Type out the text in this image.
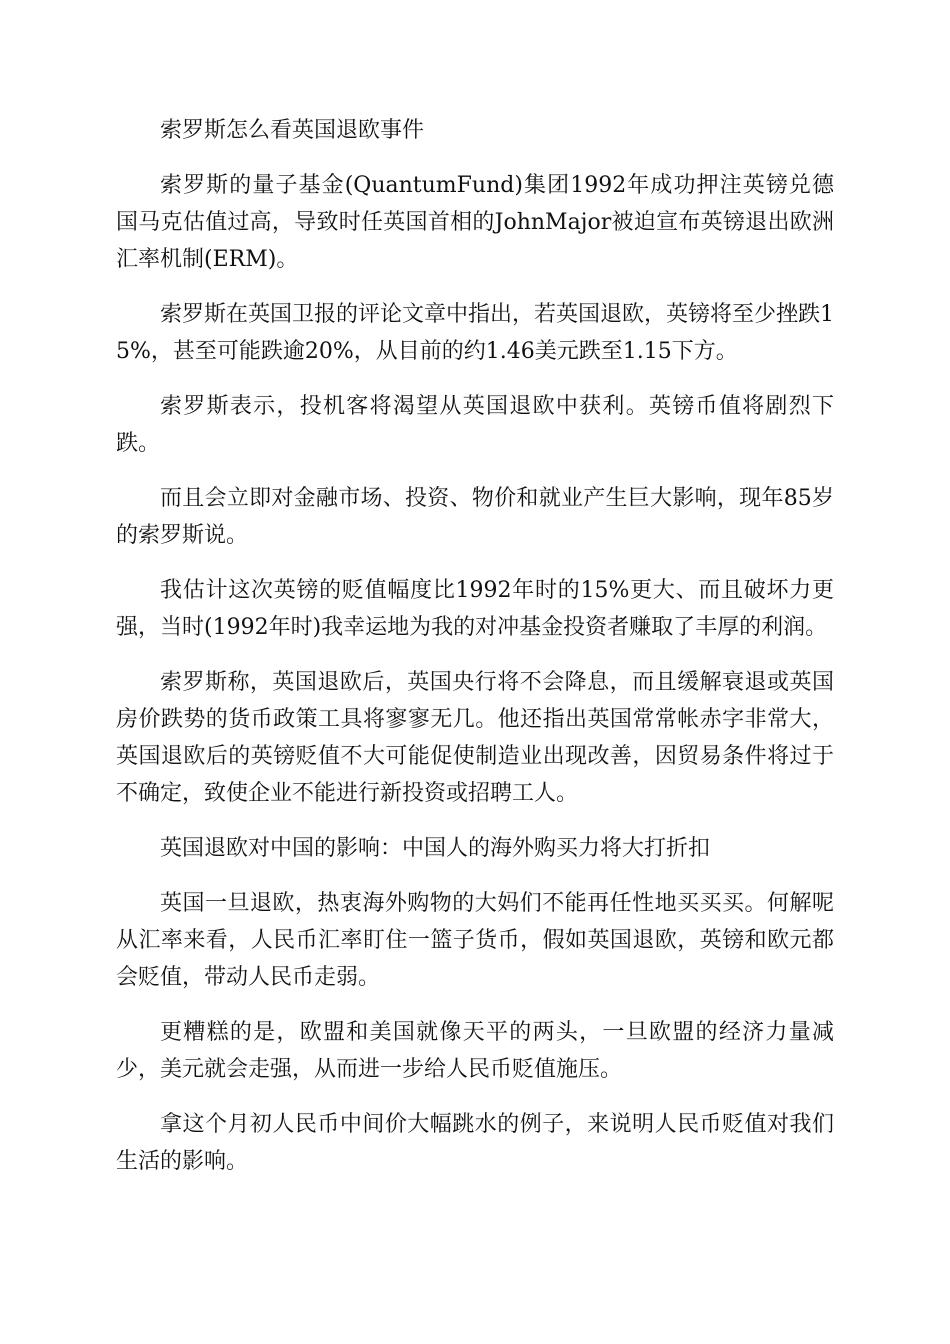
索罗斯怎么看英国退欧事件

索罗斯的量子基金(QuantumFund)集团1992年成功押注英镑兑德国马克估值过高，导致时任英国首相的JohnMajor被迫宣布英镑退出欧洲汇率机制(ERM)。

索罗斯在英国卫报的评论文章中指出，若英国退欧，英镑将至少挫跌15%，甚至可能跌逾20%，从目前的约1.46美元跌至1.15下方。

索罗斯表示，投机客将渴望从英国退欧中获利。英镑币值将剧烈下跌。

而且会立即对金融市场、投资、物价和就业产生巨大影响，现年85岁的索罗斯说。

我估计这次英镑的贬值幅度比1992年时的15%更大、而且破坏力更强，当时(1992年时)我幸运地为我的对冲基金投资者赚取了丰厚的利润。

索罗斯称，英国退欧后，英国央行将不会降息，而且缓解衰退或英国房价跌势的货币政策工具将寥寥无几。他还指出英国常常帐赤字非常大，英国退欧后的英镑贬值不大可能促使制造业出现改善，因贸易条件将过于不确定，致使企业不能进行新投资或招聘工人。

英国退欧对中国的影响：中国人的海外购买力将大打折扣

英国一旦退欧，热衷海外购物的大妈们不能再任性地买买买。何解呢从汇率来看，人民币汇率盯住一篮子货币，假如英国退欧，英镑和欧元都会贬值，带动人民币走弱。

更糟糕的是，欧盟和美国就像天平的两头，一旦欧盟的经济力量减少，美元就会走强，从而进一步给人民币贬值施压。

拿这个月初人民币中间价大幅跳水的例子，来说明人民币贬值对我们生活的影响。
